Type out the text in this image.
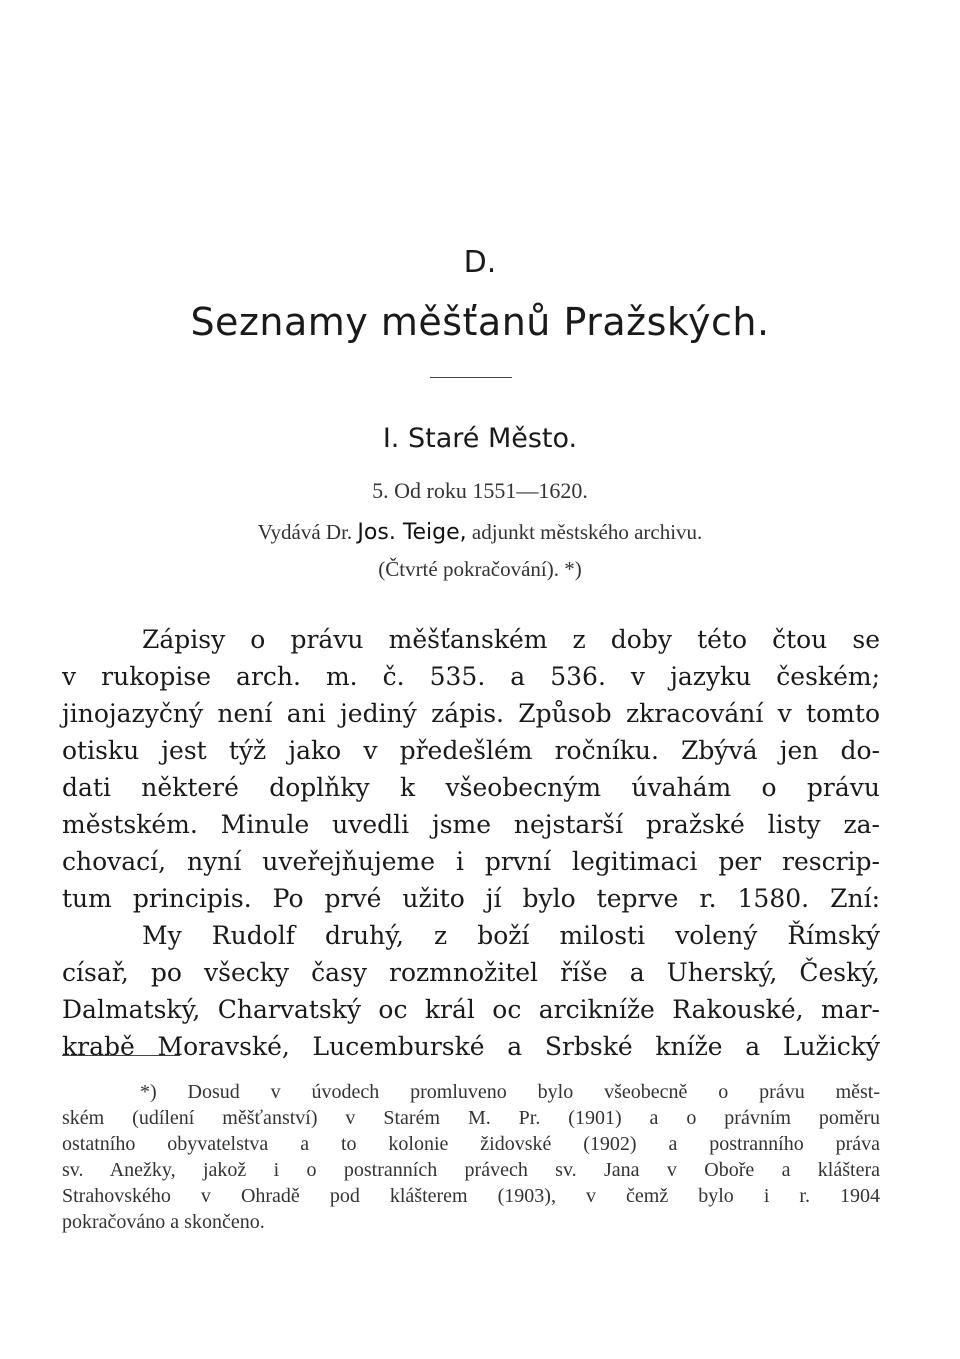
D.
Seznamy měšťanů Pražských.
I. Staré Město.
5. Od roku 1551—1620.
Vydává Dr. Jos. Teige, adjunkt městského archivu.
(Čtvrté pokračování). *)
Zápisy o právu měšťanském z doby této čtou se
v rukopise arch. m. č. 535. a 536. v jazyku českém;
jinojazyčný není ani jediný zápis. Způsob zkracování v tomto
otisku jest týž jako v předešlém ročníku. Zbývá jen do-
dati některé doplňky k všeobecným úvahám o právu
městském. Minule uvedli jsme nejstarší pražské listy za-
chovací, nyní uveřejňujeme i první legitimaci per rescrip-
tum principis. Po prvé užito jí bylo teprve r. 1580. Zní:
My Rudolf druhý, z boží milosti volený Římský
císař, po všecky časy rozmnožitel říše a Uherský, Český,
Dalmatský, Charvatský oc král oc arcikníže Rakouské, mar-
krabě Moravské, Lucemburské a Srbské kníže a Lužický
*) Dosud v úvodech promluveno bylo všeobecně o právu měst-
ském (udílení měšťanství) v Starém M. Pr. (1901) a o právním poměru
ostatního obyvatelstva a to kolonie židovské (1902) a postranního práva
sv. Anežky, jakož i o postranních právech sv. Jana v Oboře a kláštera
Strahovského v Ohradě pod klášterem (1903), v čemž bylo i r. 1904
pokračováno a skončeno.
